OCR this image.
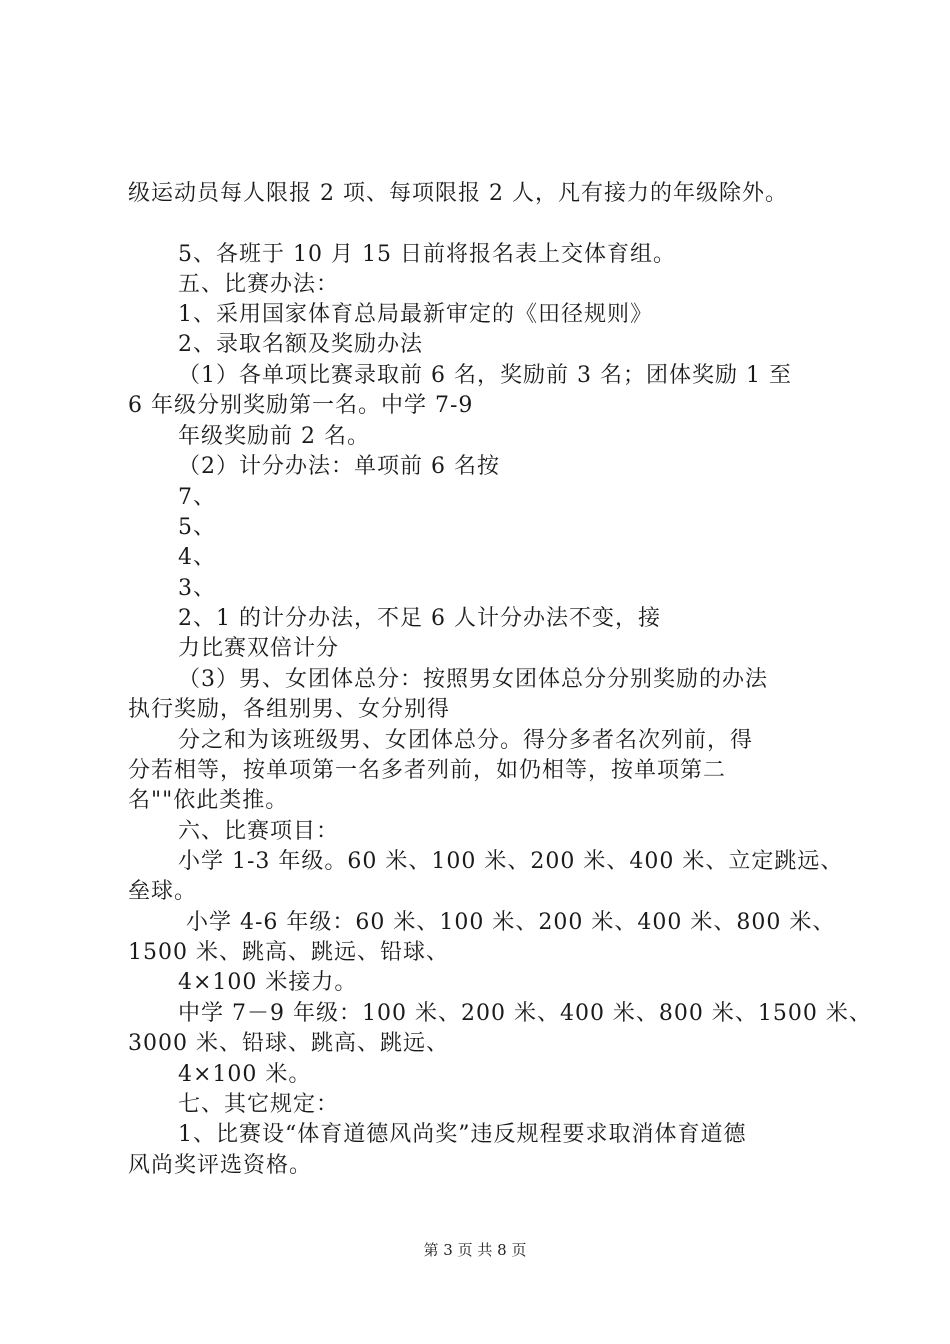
级运动员每人限报 2 项、每项限报 2 人，凡有接力的年级除外。
5、各班于 10 月 15 日前将报名表上交体育组。
五、比赛办法：
1、采用国家体育总局最新审定的《田径规则》
2、录取名额及奖励办法
（1）各单项比赛录取前 6 名，奖励前 3 名；团体奖励 1 至
6 年级分别奖励第一名。中学 7-9
年级奖励前 2 名。
（2）计分办法：单项前 6 名按
7、
5、
4、
3、
2、1 的计分办法，不足 6 人计分办法不变，接
力比赛双倍计分
（3）男、女团体总分：按照男女团体总分分别奖励的办法
执行奖励，各组别男、女分别得
分之和为该班级男、女团体总分。得分多者名次列前，得
分若相等，按单项第一名多者列前，如仍相等，按单项第二
名""依此类推。
六、比赛项目：
小学 1-3 年级。60 米、100 米、200 米、400 米、立定跳远、
垒球。
小学 4-6 年级：60 米、100 米、200 米、400 米、800 米、
1500 米、跳高、跳远、铅球、
4×100 米接力。
中学 7－9 年级：100 米、200 米、400 米、800 米、1500 米、
3000 米、铅球、跳高、跳远、
4×100 米。
七、其它规定：
1、比赛设“体育道德风尚奖”违反规程要求取消体育道德
风尚奖评选资格。
第 3 页 共 8 页
